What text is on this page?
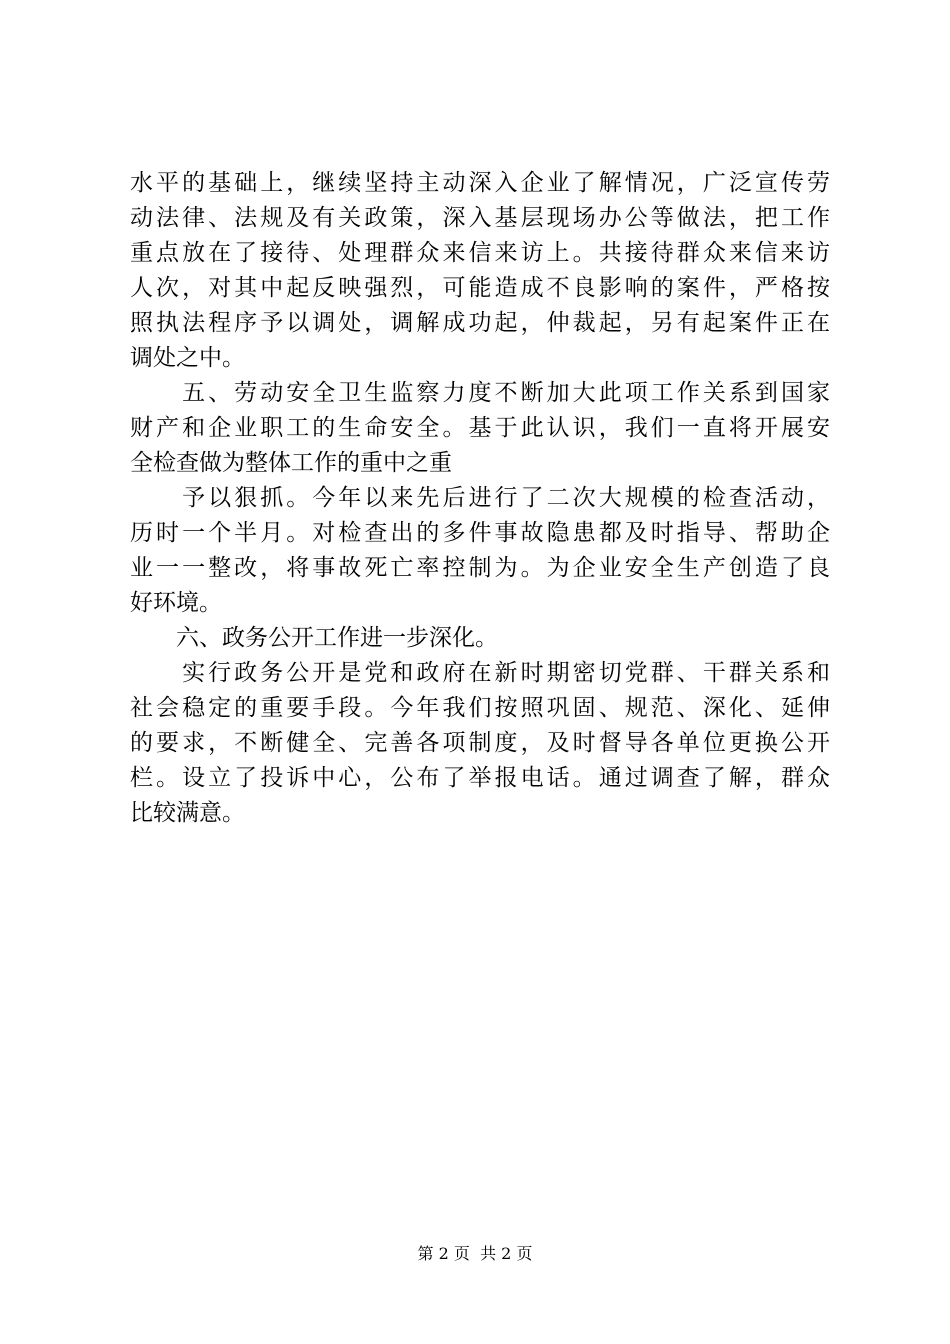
水平的基础上，继续坚持主动深入企业了解情况，广泛宣传劳

动法律、法规及有关政策，深入基层现场办公等做法，把工作

重点放在了接待、处理群众来信来访上。共接待群众来信来访

人次，对其中起反映强烈，可能造成不良影响的案件，严格按

照执法程序予以调处，调解成功起，仲裁起，另有起案件正在

调处之中。

　　五、劳动安全卫生监察力度不断加大此项工作关系到国家

财产和企业职工的生命安全。基于此认识，我们一直将开展安

全检查做为整体工作的重中之重

　　予以狠抓。今年以来先后进行了二次大规模的检查活动，

历时一个半月。对检查出的多件事故隐患都及时指导、帮助企

业一一整改，将事故死亡率控制为。为企业安全生产创造了良

好环境。

　　六、政务公开工作进一步深化。

　　实行政务公开是党和政府在新时期密切党群、干群关系和

社会稳定的重要手段。今年我们按照巩固、规范、深化、延伸

的要求，不断健全、完善各项制度，及时督导各单位更换公开

栏。设立了投诉中心，公布了举报电话。通过调查了解，群众

比较满意。

第 2 页  共 2 页
